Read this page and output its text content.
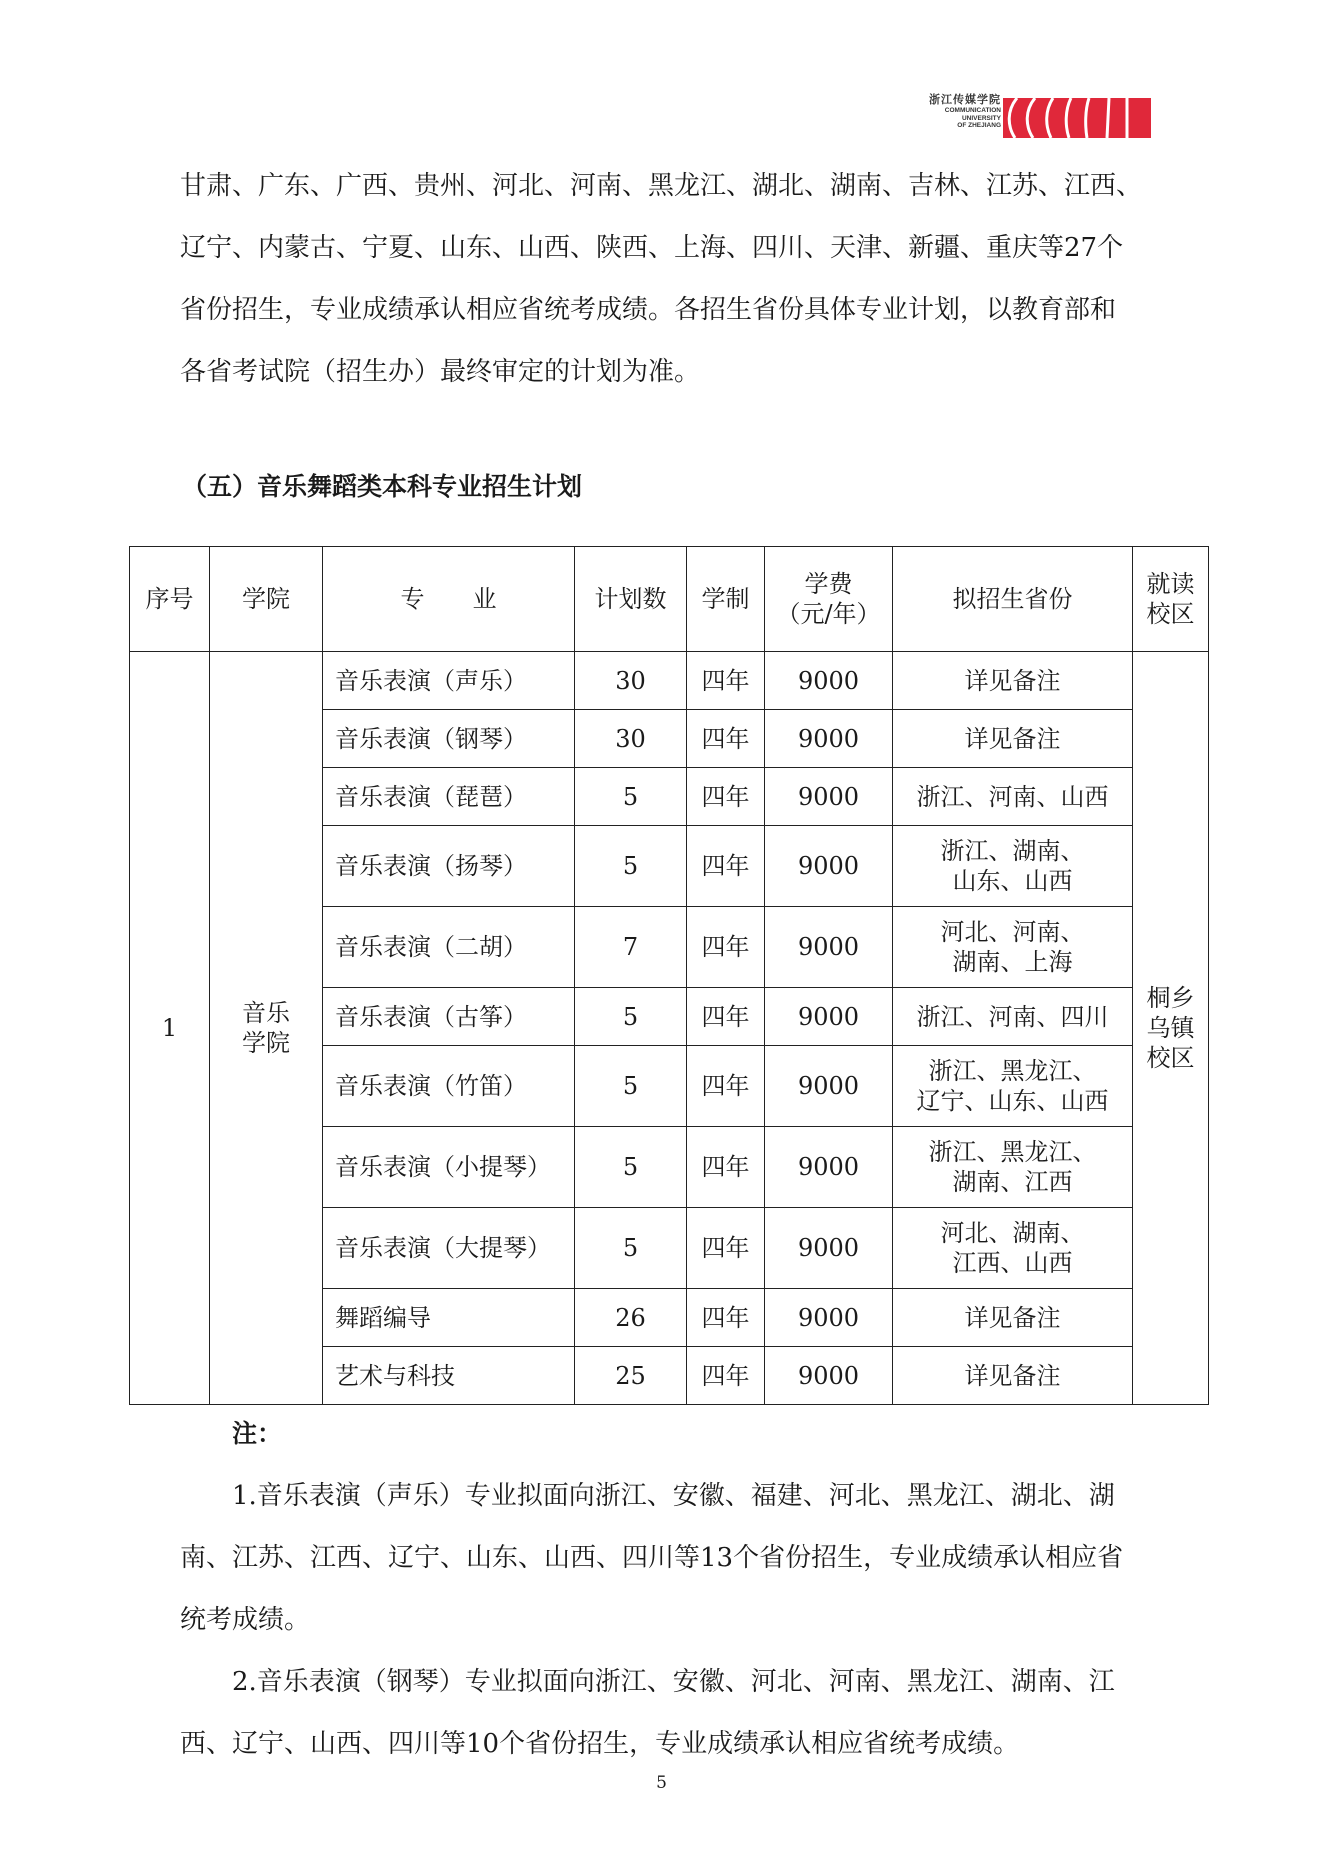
浙江传媒学院
COMMUNICATION
UNIVERSITY
OF ZHEJIANG
甘肃、广东、广西、贵州、河北、河南、黑龙江、湖北、湖南、吉林、江苏、江西、
辽宁、内蒙古、宁夏、山东、山西、陕西、上海、四川、天津、新疆、重庆等27个
省份招生，专业成绩承认相应省统考成绩。各招生省份具体专业计划，以教育部和
各省考试院（招生办）最终审定的计划为准。
（五）音乐舞蹈类本科专业招生计划
序号	学院	专　　业	计划数	学制	学费
（元/年）	拟招生省份	就读
校区

1	音乐
学院	音乐表演（声乐）	30	四年	9000	详见备注	桐乡
乌镇
校区

		音乐表演（钢琴）	30	四年	9000	详见备注	

		音乐表演（琵琶）	5	四年	9000	浙江、河南、山西	

		音乐表演（扬琴）	5	四年	9000	浙江、湖南、
山东、山西	

		音乐表演（二胡）	7	四年	9000	河北、河南、
湖南、上海	

		音乐表演（古筝）	5	四年	9000	浙江、河南、四川	

		音乐表演（竹笛）	5	四年	9000	浙江、黑龙江、
辽宁、山东、山西	

		音乐表演（小提琴）	5	四年	9000	浙江、黑龙江、
湖南、江西	

		音乐表演（大提琴）	5	四年	9000	河北、湖南、
江西、山西	

		舞蹈编导	26	四年	9000	详见备注	

		艺术与科技	25	四年	9000	详见备注	
注：
1.音乐表演（声乐）专业拟面向浙江、安徽、福建、河北、黑龙江、湖北、湖
南、江苏、江西、辽宁、山东、山西、四川等13个省份招生，专业成绩承认相应省
统考成绩。
2.音乐表演（钢琴）专业拟面向浙江、安徽、河北、河南、黑龙江、湖南、江
西、辽宁、山西、四川等10个省份招生，专业成绩承认相应省统考成绩。
5
